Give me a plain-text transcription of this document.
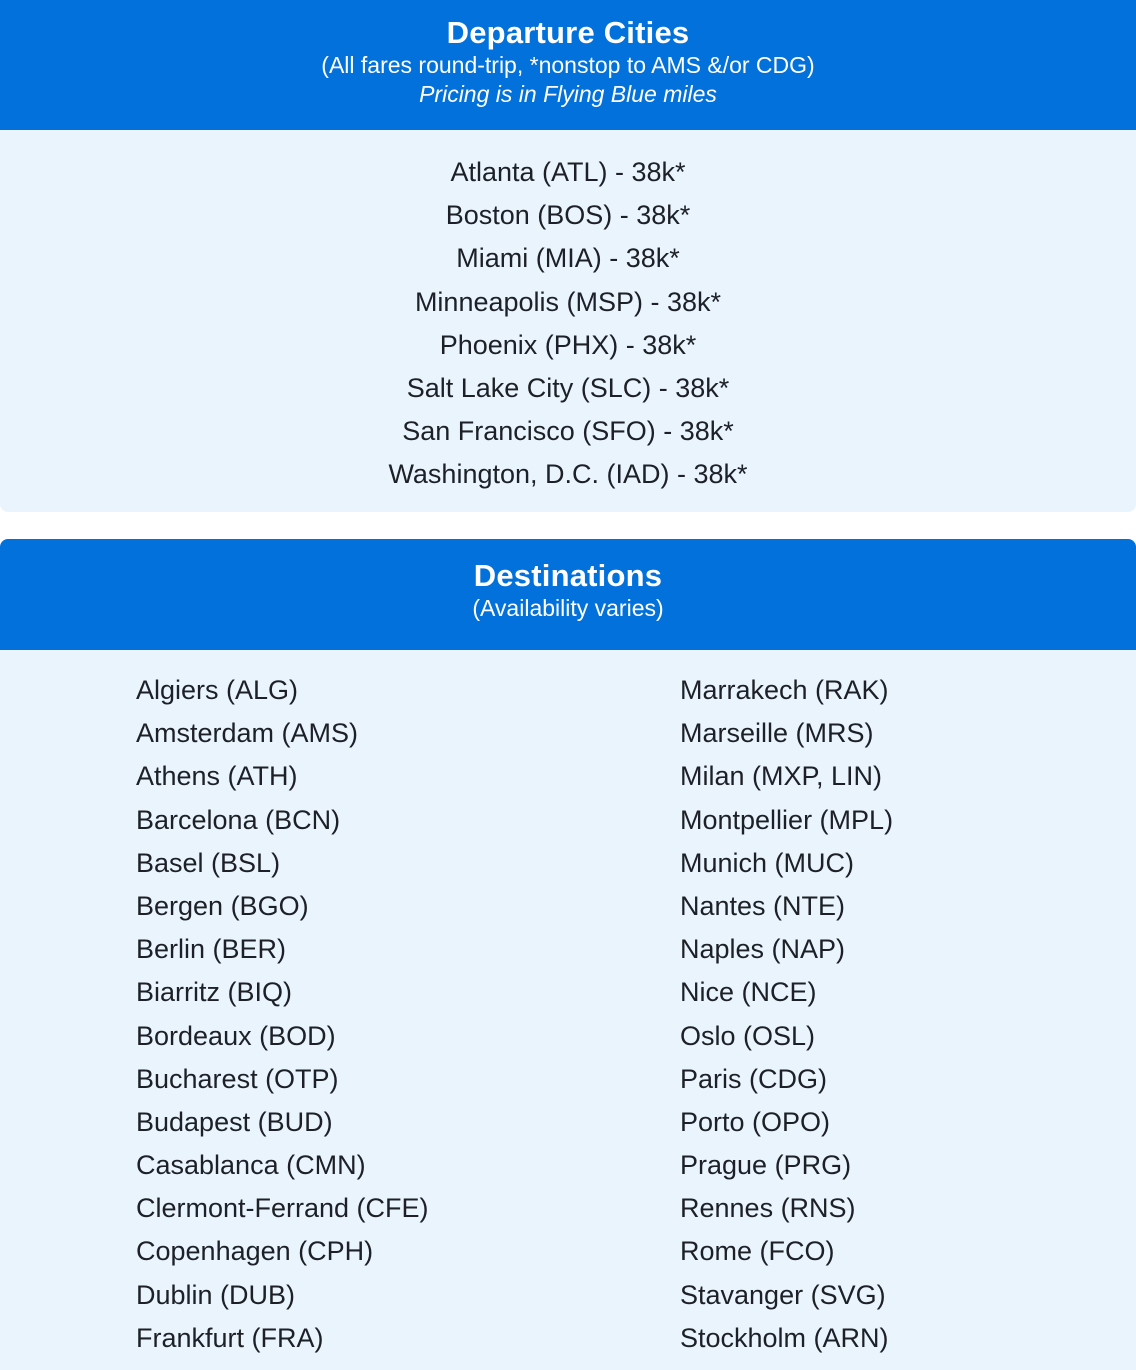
Departure Cities
(All fares round-trip, *nonstop to AMS &/or CDG)
Pricing is in Flying Blue miles
Atlanta (ATL) - 38k*
Boston (BOS) - 38k*
Miami (MIA) - 38k*
Minneapolis (MSP) - 38k*
Phoenix (PHX) - 38k*
Salt Lake City (SLC) - 38k*
San Francisco (SFO) - 38k*
Washington, D.C. (IAD) - 38k*
Destinations
(Availability varies)
Algiers (ALG)
Amsterdam (AMS)
Athens (ATH)
Barcelona (BCN)
Basel (BSL)
Bergen (BGO)
Berlin (BER)
Biarritz (BIQ)
Bordeaux (BOD)
Bucharest (OTP)
Budapest (BUD)
Casablanca (CMN)
Clermont-Ferrand (CFE)
Copenhagen (CPH)
Dublin (DUB)
Frankfurt (FRA)
Marrakech (RAK)
Marseille (MRS)
Milan (MXP, LIN)
Montpellier (MPL)
Munich (MUC)
Nantes (NTE)
Naples (NAP)
Nice (NCE)
Oslo (OSL)
Paris (CDG)
Porto (OPO)
Prague (PRG)
Rennes (RNS)
Rome (FCO)
Stavanger (SVG)
Stockholm (ARN)
